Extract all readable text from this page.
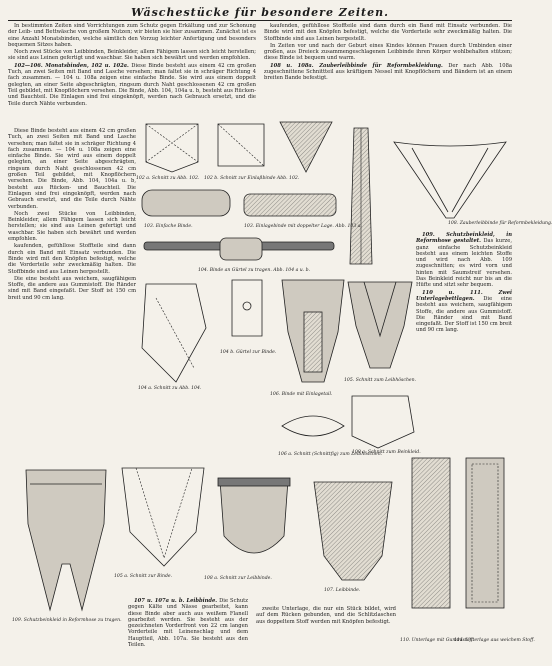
Wäschestücke für besondere Zeiten.

In bestimmten Zeiten sind Vorrichtungen zum Schutz gegen Erkältung und zur Schonung der Leib- und Bettwäsche von großem Nutzen; wir bieten sie hier zusammen. Zunächst ist es eine Anzahl Monatsbinden, welche sämtlich den Vorzug leichter Anfertigung und besonders bequemen Sitzes haben.

Noch zwei Stücke von Leibbinden, Beinkleider, allem Fähigem lassen sich leicht herstellen; sie sind aus Leinen gefertigt und waschbar. Sie haben sich bewährt und werden empfohlen.

102—106. Monatsbinden, 102 u. 102a. Diese Binde besteht aus einem 42 cm großen Tuch, an zwei Seiten mit Band und Lasche versehen; man faltet sie in schräger Richtung 4 fach zusammen. — 104 u. 108a zeigen eine einfache Binde. Sie wird aus einem doppelt gelegten, an einer Seite abgeschrägten, ringsum durch Naht geschlossenen 42 cm großen Teil gebildet, mit Knopflöchern versehen. Die Binde, Abb. 104, 104a u. b, besteht aus Rücken- und Bauchteil. Die Einlagen sind frei eingeknöpft, werden nach Gebrauch ersetzt, und die Teile durch Nähte verbunden.

kaufenden, gefühllose Stoffteile sind dann durch ein Band mit Einsatz verbunden. Die Binde wird mit den Knöpfen befestigt, welche die Vorderteile sehr zweckmäßig halten. Die Stoffbinde sind aus Leinen hergestellt.

In Zeiten vor und nach der Geburt eines Kindes können Frauen durch Umbinden einer großen, aus Dreieck zusammengeschlagenen Leibbinde ihren Körper wohlbehalten stützen; diese Binde ist bequem und warm.

108 u. 108a. Zauberleibbinde für Reformbekleidung. Der nach Abb. 108a zugeschnittene Schnittteil aus kräftigem Nessel mit Knopflöchern und Bändern ist an einem breiten Bande befestigt.

102 a. Schnitt zu Abb. 102. 102 b. Schnitt zur Einlaßbinde Abb. 102.
108. Zauberleibbinde für Reformbekleidung.
103. Einfache Binde.	103. Einlagebinde mit doppelter Lage. Abb. 103 a.

Diese Binde besteht aus einem 42 cm großen Tuch, an zwei Seiten mit Band und Lasche versehen; man faltet sie in schräger Richtung 4 fach zusammen. — 104 u. 108a zeigen eine einfache Binde. Sie wird aus einem doppelt gelegten, an einer Seite abgeschrägten, ringsum durch Naht geschlossenen 42 cm großen Teil gebildet, mit Knopflöchern versehen. Die Binde, Abb. 104, 104a u. b, besteht aus Rücken- und Bauchteil. Die Einlagen sind frei eingeknöpft, werden nach Gebrauch ersetzt, und die Teile durch Nähte verbunden.

Noch zwei Stücke von Leibbinden, Beinkleider, allem Fähigem lassen sich leicht herstellen; sie sind aus Leinen gefertigt und waschbar. Sie haben sich bewährt und werden empfohlen.

kaufenden, gefühllose Stoffteile sind dann durch ein Band mit Einsatz verbunden. Die Binde wird mit den Knöpfen befestigt, welche die Vorderteile sehr zweckmäßig halten. Die Stoffbinde sind aus Leinen hergestellt.

Die eine besteht aus weichem, saugfähigem Stoffe, die andere aus Gummistoff. Die Ränder sind mit Band eingefaßt. Der Stoff ist 150 cm breit und 90 cm lang.

104. Binde an Gürtel zu tragen. Abb. 104 a u. b.
104 a. Schnitt zu Abb. 104.
104 b. Gürtel zur Binde.
106. Binde mit Einlagetail.
105. Schnitt zum Leibhöschen.

109. Schutzbeinkleid, in Reformhose gestaltet. Das kurze, ganz einfache Schutzbeinkleid besteht aus einem leichten Stoffe und wird nach Abb. 109 zugeschnitten; es wird vorn und hinten mit Saumstreif versehen. Das Beinkleid reicht nur bis an die Hüfte und sitzt sehr bequem.

110 u. 111. Zwei Unterlagebettlagen. Die eine besteht aus weichem, saugfähigem Stoffe, die andere aus Gummistoff. Die Ränder sind mit Band eingefaßt. Der Stoff ist 150 cm breit und 90 cm lang.

109 a. Schnitt zum Beinkleid.
106 a. Schnitt (Schnittfig) zum Leibhöschen.
109. Schutzbeinkleid in Reformhose zu tragen.
105 a. Schnitt zur Binde.	108 a. Schnitt zur Leibbinde.
107. Leibbinde.

107 u. 107a u. b. Leibbinde. Die Schutz gegen Kälte und Nässe gearbeitet, kann diese Binde aber auch aus weißem Flanell gearbeitet werden. Sie besteht aus der gezeichneten Vorderfront von 22 cm langen Vorderteile mit Leinenschlag und dem Hauptteil, Abb. 107a. Sie besteht aus den Teilen.

zweite Unterlage, die nur ein Stück bildet, wird auf dem Rücken gebunden, und die Schlitzlaschen aus doppeltem Stoff werden mit Knöpfen befestigt.

110. Unterlage mit Gummistoff.
111. Unterlage aus weichem Stoff.
